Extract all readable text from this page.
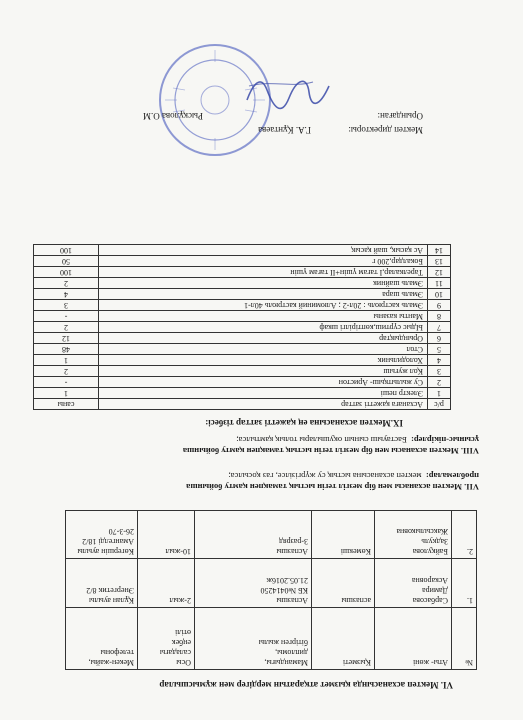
VI. Мектеп асханасында қызмет атқаратын мердігер мен жұмысшылар
№	Аты- жөні	Қызметі	Мамандығы,
дипломы,
бітірген жылы	Осы
саладағы
еңбек
өтілі	Мекен-жайы,
телефоны
1.	Сарбасова
Дамира
Аскаровна	аспазшы	Аспазшы
КБ №0414250
21.05.2016ж	2-жыл	Құлан ауылы
Энергетик 8/2
2.	Байқулова
Задкуль
Жаксылыковна	Көмекші	Аспазшы
3-разряд	10-жыл	Көгершін ауылы
Амангелді 18/2
26-3-70
VII. Мектеп асханасы мен бір мезгіл тегін ыстық тамақпен қамту бойынша
проблемалар:  мектеп асханасына ыстық су жүргізілсе, газ қосылса;
VIII. Мектеп асханасы мен бір мезгіл тегін ыстық тамақпен қамту бойынша
ұсыныс-пікірлер:  Бастауыш сынып оқушылары толық қамтылса;
IX.Мектеп асханасына ең қажетті заттар тізбесі:
р/с	Асханаға қажетті заттар	саны
1	Электр пеші	1
2	Су жылытқыш- Аристон	-
3	Қол жуғыш	2
4	Холодильник	1
5	Стол	48
6	Орындықтар	12
7	Ыдыс сүртиш,көптірілгі шкаф	2
8	Манты казаны	-
9	Эмаль кастрюль : 20л-2 ; Алюминий кастрюль 40л-1	3
10	Эмаль шара	4
11	Эмаль шайник	2
12	Тарелкалар,І тағам үшін+ІІ тағам үшін	100
13	Бокалдар,200 г	50
14	Ас қасық, шай қасық	100
Мектеп директоры:
Г.А. Құнтаева
Орындаған:
Рысқұлова О.М
